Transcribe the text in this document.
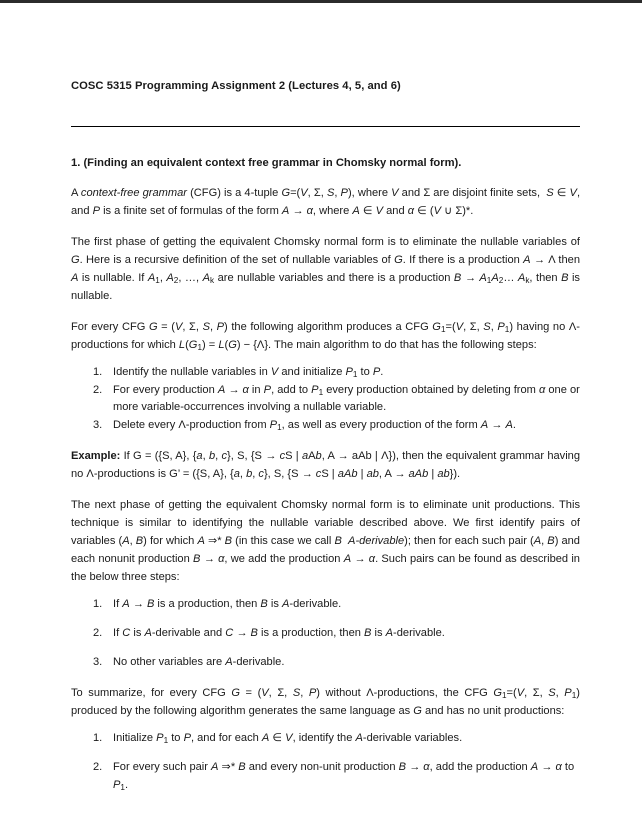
COSC 5315 Programming Assignment 2 (Lectures 4, 5, and 6)
1. (Finding an equivalent context free grammar in Chomsky normal form).

A context-free grammar (CFG) is a 4-tuple G=(V, Σ, S, P), where V and Σ are disjoint finite sets,  S ∈ V, and P is a finite set of formulas of the form A → α, where A ∈ V and α ∈ (V ∪ Σ)*.

The first phase of getting the equivalent Chomsky normal form is to eliminate the nullable variables of G. Here is a recursive definition of the set of nullable variables of G. If there is a production A → Λ then A is nullable. If $A_1$, $A_2$, …, $A_k$ are nullable variables and there is a production $B \to A_1A_2\dots$ $A_k$, then B is nullable.

For every CFG G = (V, Σ, S, P) the following algorithm produces a CFG $G_1=(V$, Σ, S, $P_1$) having no Λ-productions for which $L(G_1) = L(G) - \{\Lambda\}$. The main algorithm to do that has the following steps:

Identify the nullable variables in V and initialize $P_1$ to P.
For every production A → α in P, add to $P_1$ every production obtained by deleting from α one or more variable-occurrences involving a nullable variable.
Delete every Λ-production from $P_1$, as well as every production of the form A → A.

Example: If G = ({S, A}, {a, b, c}, S, {S → cS | aAb, A → aAb | Λ}), then the equivalent grammar having no Λ-productions is G’ = ({S, A}, {a, b, c}, S, {S → cS | aAb | ab, A → aAb | ab}).

The next phase of getting the equivalent Chomsky normal form is to eliminate unit productions. This technique is similar to identifying the nullable variable described above. We first identify pairs of variables (A, B) for which A ⇒* B (in this case we call B A-derivable); then for each such pair (A, B) and each nonunit production B → α, we add the production A → α. Such pairs can be found as described in the below three steps:

If A → B is a production, then B is A-derivable.
If C is A-derivable and C → B is a production, then B is A-derivable.
No other variables are A-derivable.

To summarize, for every CFG G = (V, Σ, S, P) without Λ-productions, the CFG $G_1=(V$, Σ, S, $P_1$) produced by the following algorithm generates the same language as G and has no unit productions:

Initialize $P_1$ to P, and for each A ∈ V, identify the A-derivable variables.
For every such pair A ⇒* B and every non-unit production B → α, add the production A → α to $P_1$.
